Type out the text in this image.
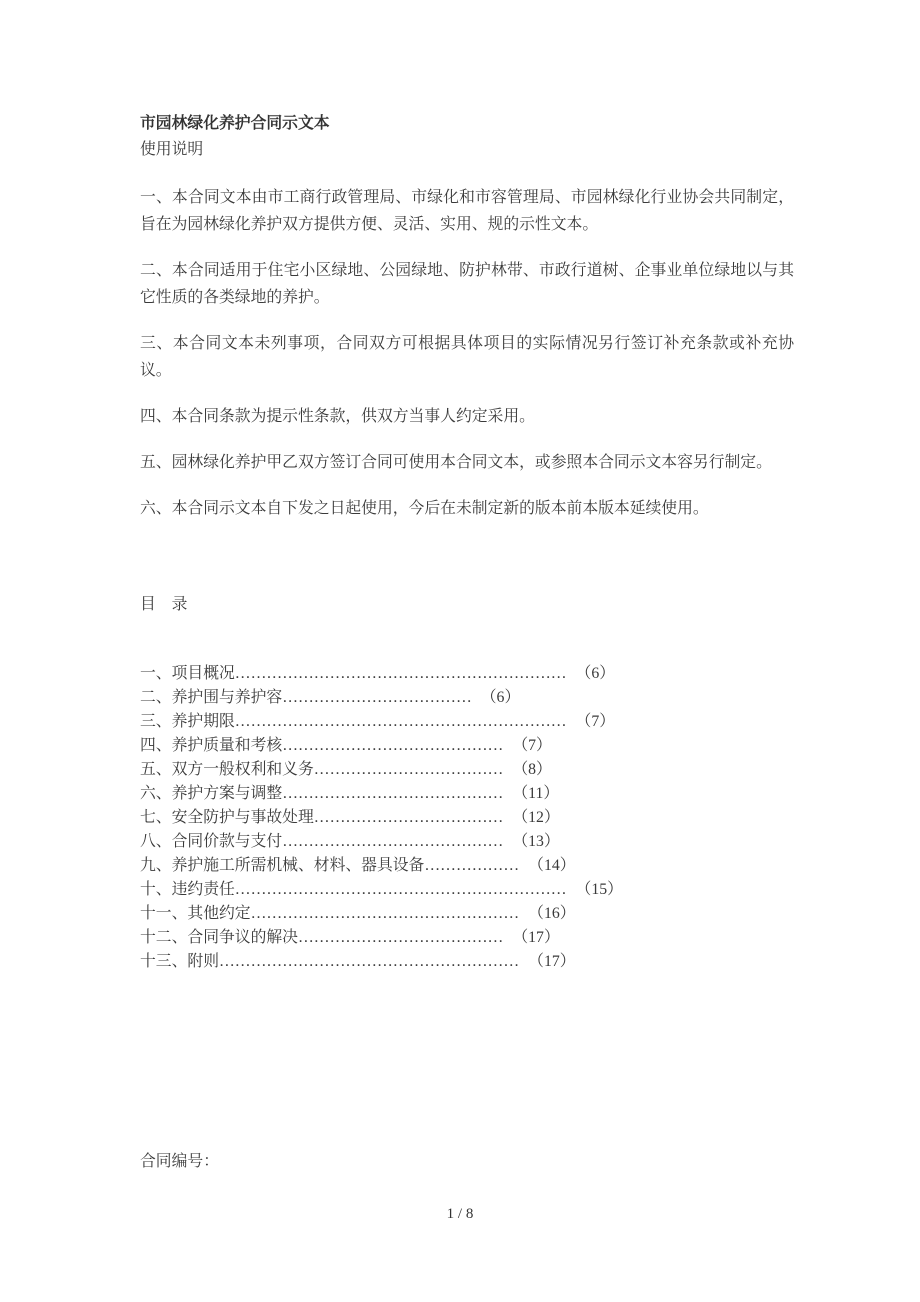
市园林绿化养护合同示文本
使用说明

一、本合同文本由市工商行政管理局、市绿化和市容管理局、市园林绿化行业协会共同制定，旨在为园林绿化养护双方提供方便、灵活、实用、规的示性文本。

二、本合同适用于住宅小区绿地、公园绿地、防护林带、市政行道树、企事业单位绿地以与其它性质的各类绿地的养护。

三、本合同文本未列事项，合同双方可根据具体项目的实际情况另行签订补充条款或补充协议。

四、本合同条款为提示性条款，供双方当事人约定采用。

五、园林绿化养护甲乙双方签订合同可使用本合同文本，或参照本合同示文本容另行制定。

六、本合同示文本自下发之日起使用，今后在未制定新的版本前本版本延续使用。

目　录
一、项目概况……………………………………………………… （6）
二、养护围与养护容……………………………… （6）
三、养护期限……………………………………………………… （7）
四、养护质量和考核…………………………………… （7）
五、双方一般权利和义务……………………………… （8）
六、养护方案与调整…………………………………… （11）
七、安全防护与事故处理……………………………… （12）
八、合同价款与支付…………………………………… （13）
九、养护施工所需机械、材料、器具设备……………… （14）
十、违约责任……………………………………………………… （15）
十一、其他约定…………………………………………… （16）
十二、合同争议的解决………………………………… （17）
十三、附则………………………………………………… （17）
合同编号：
1 / 8
